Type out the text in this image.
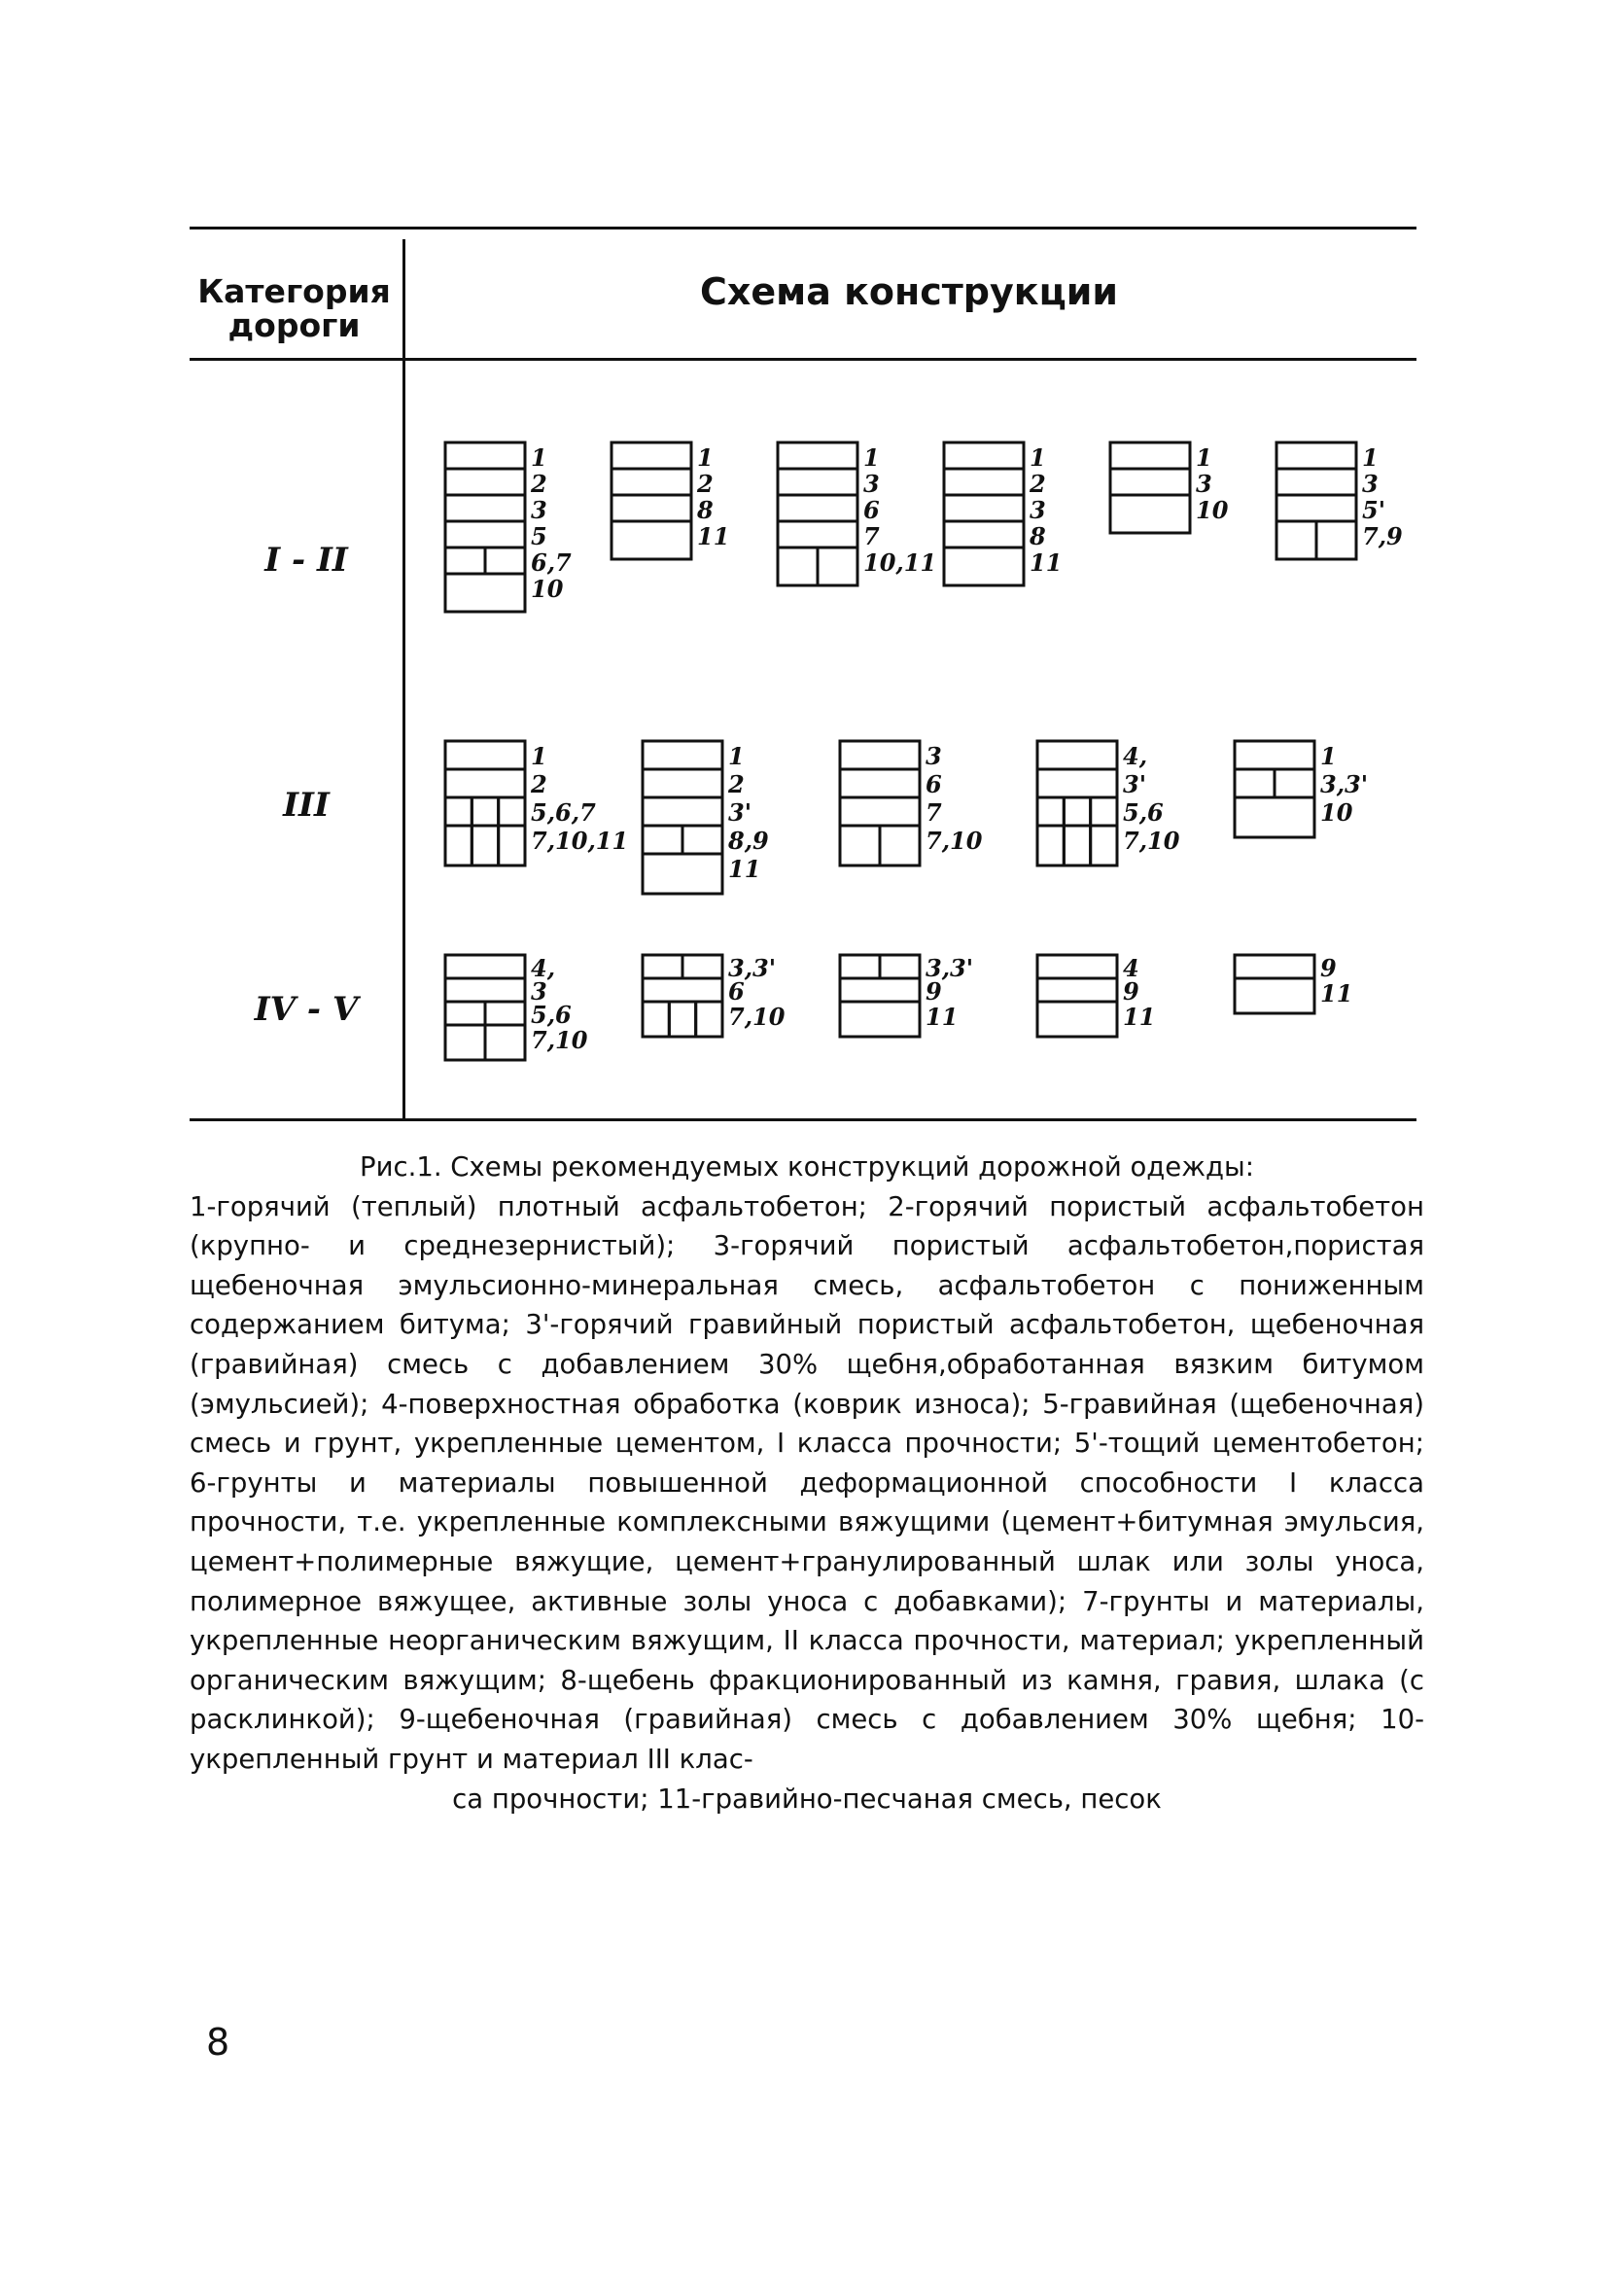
Категория дороги
Схема конструкции
I - II
III
IV - V
1
2
3
5
6,7
10
1
2
8
11
1
3
6
7
10,11
1
2
3
8
11
1
3
10
1
3
5'
7,9
1
2
5,6,7
7,10,11
1
2
3'
8,9
11
3
6
7
7,10
4,
3'
5,6
7,10
1
3,3'
10
4,
3
5,6
7,10
3,3'
6
7,10
3,3'
9
11
4
9
11
9
11
Рис.1. Схемы рекомендуемых конструкций дорожной одежды:
1-горячий (теплый) плотный асфальтобетон; 2-горячий пористый асфальтобетон (крупно- и среднезернистый); 3-горячий пористый асфальтобетон,пористая щебеночная эмульсионно-минеральная смесь, асфальтобетон с пониженным содержанием битума; 3'-горячий гравийный пористый асфальтобетон, щебеночная (гравийная) смесь с добавлением 30% щебня,обработанная вязким битумом (эмульсией); 4-поверхностная обработка (коврик износа); 5-гравийная (щебеночная) смесь и грунт, укрепленные цементом, I класса прочности; 5'-тощий цементобетон; 6-грунты и материалы повышенной деформационной способности I класса прочности, т.е. укрепленные комплексными вяжущими (цемент+битумная эмульсия, цемент+полимерные вяжущие, цемент+гранулированный шлак или золы уноса, полимерное вяжущее, активные золы уноса с добавками); 7-грунты и материалы, укрепленные неорганическим вяжущим, II класса прочности, материал; укрепленный органическим вяжущим; 8-щебень фракционированный из камня, гравия, шлака (с расклинкой); 9-щебеночная (гравийная) смесь с добавлением 30% щебня; 10-укрепленный грунт и материал III клас-
са прочности; 11-гравийно-песчаная смесь, песок
8
